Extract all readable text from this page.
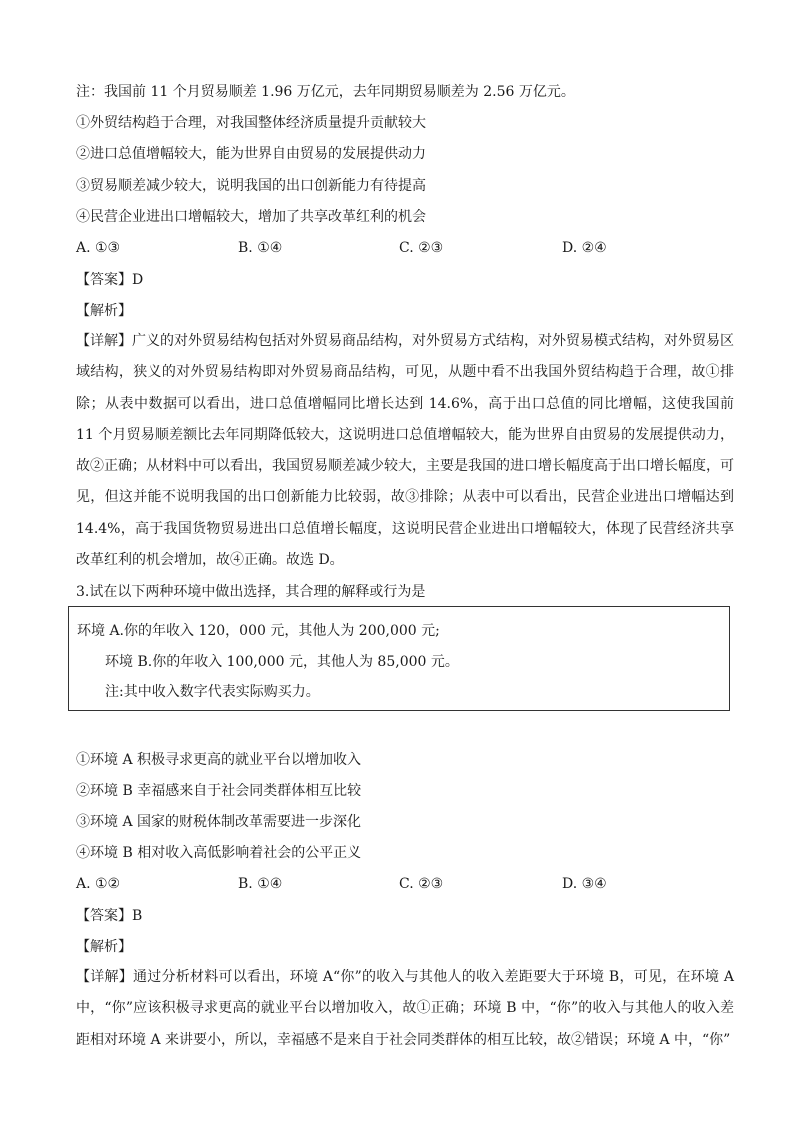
注：我国前 11 个月贸易顺差 1.96 万亿元，去年同期贸易顺差为 2.56 万亿元。
①外贸结构趋于合理，对我国整体经济质量提升贡献较大
②进口总值增幅较大，能为世界自由贸易的发展提供动力
③贸易顺差减少较大，说明我国的出口创新能力有待提高
④民营企业进出口增幅较大，增加了共享改革红利的机会
A. ①③	B. ①④	C. ②③	D. ②④
【答案】D
【解析】
【详解】广义的对外贸易结构包括对外贸易商品结构，对外贸易方式结构，对外贸易模式结构，对外贸易区域结构，狭义的对外贸易结构即对外贸易商品结构，可见，从题中看不出我国外贸结构趋于合理，故①排除；从表中数据可以看出，进口总值增幅同比增长达到 14.6%，高于出口总值的同比增幅，这使我国前 11 个月贸易顺差额比去年同期降低较大，这说明进口总值增幅较大，能为世界自由贸易的发展提供动力，故②正确；从材料中可以看出，我国贸易顺差减少较大，主要是我国的进口增长幅度高于出口增长幅度，可见，但这并能不说明我国的出口创新能力比较弱，故③排除；从表中可以看出，民营企业进出口增幅达到 14.4%，高于我国货物贸易进出口总值增长幅度，这说明民营企业进出口增幅较大，体现了民营经济共享改革红利的机会增加，故④正确。故选 D。
3.试在以下两种环境中做出选择，其合理的解释或行为是
环境 A.你的年收入 120，000 元，其他人为 200,000 元;
环境 B.你的年收入 100,000 元，其他人为 85,000 元。
注:其中收入数字代表实际购买力。
①环境 A 积极寻求更高的就业平台以增加收入
②环境 B 幸福感来自于社会同类群体相互比较
③环境 A 国家的财税体制改革需要进一步深化
④环境 B 相对收入高低影响着社会的公平正义
A. ①②	B. ①④	C. ②③	D. ③④
【答案】B
【解析】
【详解】通过分析材料可以看出，环境 A“你”的收入与其他人的收入差距要大于环境 B，可见，在环境 A 中，“你”应该积极寻求更高的就业平台以增加收入，故①正确；环境 B 中，“你”的收入与其他人的收入差距相对环境 A 来讲要小，所以，幸福感不是来自于社会同类群体的相互比较，故②错误；环境 A 中，“你”
